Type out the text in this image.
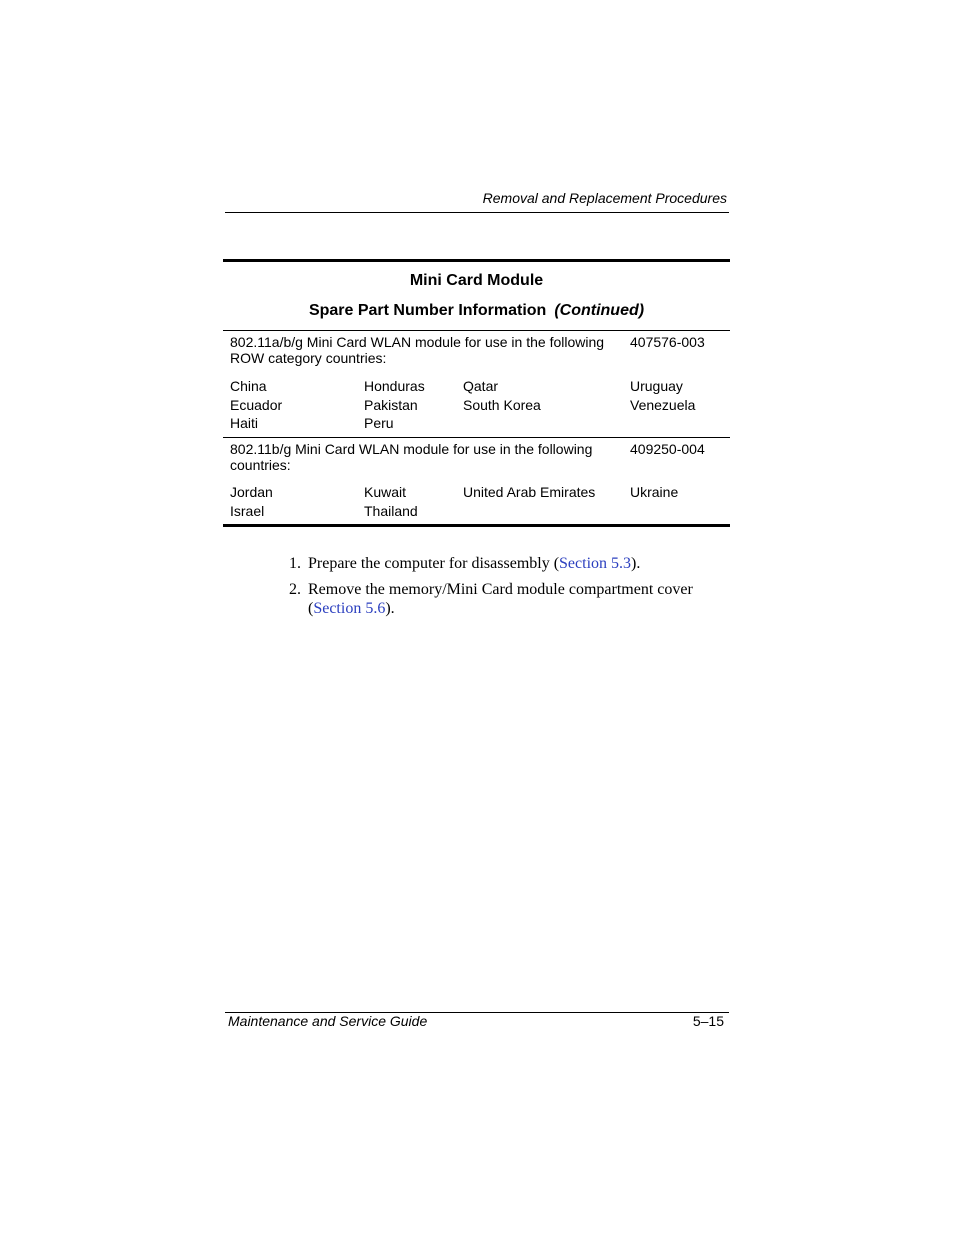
Removal and Replacement Procedures
Mini Card Module
Spare Part Number Information (Continued)
802.11a/b/g Mini Card WLAN module for use in the following ROW category countries:
407576-003
China
Ecuador
Haiti
Honduras
Pakistan
Peru
Qatar
South Korea
Uruguay
Venezuela
802.11b/g Mini Card WLAN module for use in the following countries:
409250-004
Jordan
Israel
Kuwait
Thailand
United Arab Emirates Ukraine
1. Prepare the computer for disassembly (Section 5.3).
2. Remove the memory/Mini Card module compartment cover (Section 5.6).
Maintenance and Service Guide	5–15
